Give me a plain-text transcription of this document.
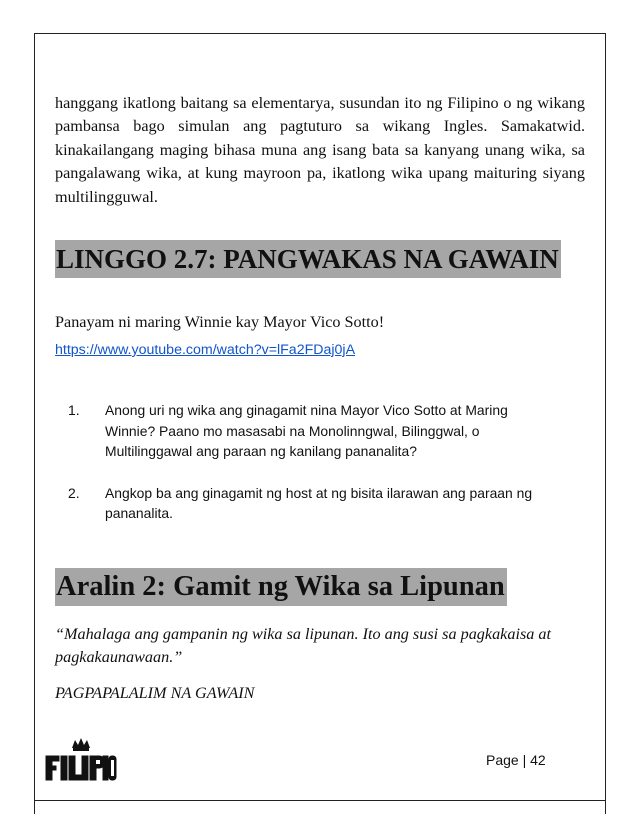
hanggang ikatlong baitang sa elementarya, susundan ito ng Filipino o ng wikang pambansa bago simulan ang pagtuturo sa wikang Ingles. Samakatwid. kinakailangang maging bihasa muna ang isang bata sa kanyang unang wika, sa pangalawang wika, at kung mayroon pa, ikatlong wika upang maituring siyang multilingguwal.

LINGGO 2.7: PANGWAKAS NA GAWAIN
Panayam ni maring Winnie kay Mayor Vico Sotto!
https://www.youtube.com/watch?v=lFa2FDaj0jA
1.	Anong uri ng wika ang ginagamit nina Mayor Vico Sotto at Maring Winnie? Paano mo masasabi na Monolinngwal, Bilinggwal, o Multilinggawal ang paraan ng kanilang pananalita?
2.	Angkop ba ang ginagamit ng host at ng bisita ilarawan ang paraan ng pananalita.
Aralin 2: Gamit ng Wika sa Lipunan
“Mahalaga ang gampanin ng wika sa lipunan. Ito ang susi sa pagkakaisa at pagkakaunawaan.”
PAGPAPALALIM NA GAWAIN
Page | 42
